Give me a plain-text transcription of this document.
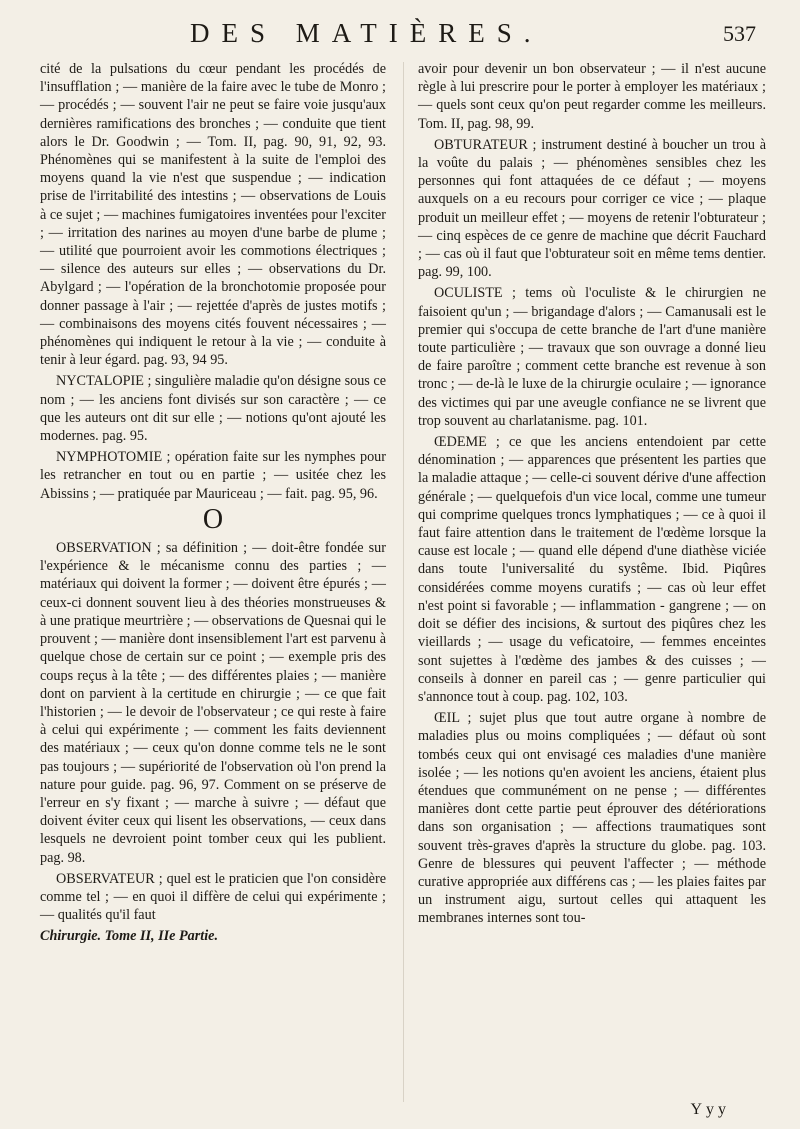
DES MATIÈRES.	537

cité de la pulsations du cœur pendant les procédés de l'insufflation ; — manière de la faire avec le tube de Monro ; — procédés ; — souvent l'air ne peut se faire voie jusqu'aux dernières ramifications des bronches ; — conduite que tient alors le Dr. Goodwin ; — Tom. II, pag. 90, 91, 92, 93. Phénomènes qui se manifestent à la suite de l'emploi des moyens quand la vie n'est que suspendue ; — indication prise de l'irritabilité des intestins ; — observations de Louis à ce sujet ; — machines fumigatoires inventées pour l'exciter ; — irritation des narines au moyen d'une barbe de plume ; — utilité que pourroient avoir les commotions électriques ; — silence des auteurs sur elles ; — observations du Dr. Abylgard ; — l'opération de la bronchotomie proposée pour donner passage à l'air ; — rejettée d'après de justes motifs ; — combinaisons des moyens cités fouvent nécessaires ; — phénomènes qui indiquent le retour à la vie ; — conduite à tenir à leur égard. pag. 93, 94 95.

NYCTALOPIE ; singulière maladie qu'on désigne sous ce nom ; — les anciens font divisés sur son caractère ; — ce que les auteurs ont dit sur elle ; — notions qu'ont ajouté les modernes. pag. 95.

NYMPHOTOMIE ; opération faite sur les nymphes pour les retrancher en tout ou en partie ; — usitée chez les Abissins ; — pratiquée par Mauriceau ; — fait. pag. 95, 96.

O

OBSERVATION ; sa définition ; — doit-être fondée sur l'expérience & le mécanisme connu des parties ; — matériaux qui doivent la former ; — doivent être épurés ; — ceux-ci donnent souvent lieu à des théories monstrueuses & à une pratique meurtrière ; — observations de Quesnai qui le prouvent ; — manière dont insensiblement l'art est parvenu à quelque chose de certain sur ce point ; — exemple pris des coups reçus à la tête ; — des différentes plaies ; — manière dont on parvient à la certitude en chirurgie ; — ce que fait l'historien ; — le devoir de l'observateur ; ce qui reste à faire à celui qui expérimente ; — comment les faits deviennent des matériaux ; — ceux qu'on donne comme tels ne le sont pas toujours ; — supériorité de l'observation où l'on prend la nature pour guide. pag. 96, 97. Comment on se préserve de l'erreur en s'y fixant ; — marche à suivre ; — défaut que doivent éviter ceux qui lisent les observations, — ceux dans lesquels ne devroient point tomber ceux qui les publient. pag. 98.

OBSERVATEUR ; quel est le praticien que l'on considère comme tel ; — en quoi il diffère de celui qui expérimente ; — qualités qu'il faut

Chirurgie. Tome II, IIe Partie.

avoir pour devenir un bon observateur ; — il n'est aucune règle à lui prescrire pour le porter à employer les matériaux ; — quels sont ceux qu'on peut regarder comme les meilleurs. Tom. II, pag. 98, 99.

OBTURATEUR ; instrument destiné à boucher un trou à la voûte du palais ; — phénomènes sensibles chez les personnes qui font attaquées de ce défaut ; — moyens auxquels on a eu recours pour corriger ce vice ; — plaque produit un meilleur effet ; — moyens de retenir l'obturateur ; — cinq espèces de ce genre de machine que décrit Fauchard ; — cas où il faut que l'obturateur soit en même tems dentier. pag. 99, 100.

OCULISTE ; tems où l'oculiste & le chirurgien ne faisoient qu'un ; — brigandage d'alors ; — Camanusali est le premier qui s'occupa de cette branche de l'art d'une manière toute particulière ; — travaux que son ouvrage a donné lieu de faire paroître ; comment cette branche est revenue à son tronc ; — de-là le luxe de la chirurgie oculaire ; — ignorance des victimes qui par une aveugle confiance ne se livrent que trop souvent au charlatanisme. pag. 101.

ŒDEME ; ce que les anciens entendoient par cette dénomination ; — apparences que présentent les parties que la maladie attaque ; — celle-ci souvent dérive d'une affection générale ; — quelquefois d'un vice local, comme une tumeur qui comprime quelques troncs lymphatiques ; — ce à quoi il faut faire attention dans le traitement de l'œdème lorsque la cause est locale ; — quand elle dépend d'une diathèse viciée dans toute l'universalité du systême. Ibid. Piqûres considérées comme moyens curatifs ; — cas où leur effet n'est point si favorable ; — inflammation - gangrene ; — on doit se défier des incisions, & surtout des piqûres chez les vieillards ; — usage du veficatoire, — femmes enceintes sont sujettes à l'œdème des jambes & des cuisses ; — conseils à donner en pareil cas ; — genre particulier qui s'annonce tout à coup. pag. 102, 103.

ŒIL ; sujet plus que tout autre organe à nombre de maladies plus ou moins compliquées ; — défaut où sont tombés ceux qui ont envisagé ces maladies d'une manière isolée ; — les notions qu'en avoient les anciens, étaient plus étendues que communément on ne pense ; — différentes manières dont cette partie peut éprouver des détériorations dans son organisation ; — affections traumatiques sont souvent très-graves d'après la structure du globe. pag. 103. Genre de blessures qui peuvent l'affecter ; — méthode curative appropriée aux différens cas ; — les plaies faites par un instrument aigu, surtout celles qui attaquent les membranes internes sont tou-

Yyy
